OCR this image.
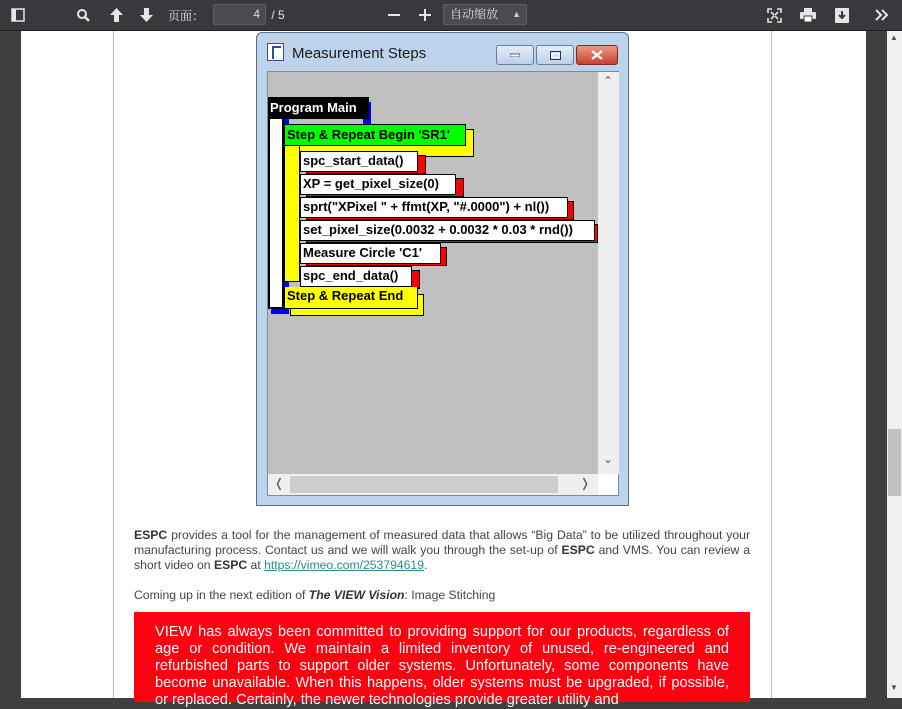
页面：	4 / 5	自动缩放 ▲

Measurement Steps
Program Main
Step & Repeat Begin 'SR1'
spc_start_data()
XP = get_pixel_size(0)
sprt("XPixel " + ffmt(XP, "#.0000") + nl())
set_pixel_size(0.0032 + 0.0032 * 0.03 * rnd())
Measure Circle 'C1'
spc_end_data()
Step & Repeat End
⌃
⌄
❬	❭
ESPC provides a tool for the management of measured data that allows “Big Data” to be utilized throughout your manufacturing process. Contact us and we will walk you through the set-up of ESPC and VMS. You can review a short video on ESPC at https://vimeo.com/253794619.
Coming up in the next edition of The VIEW Vision: Image Stitching
VIEW has always been committed to providing support for our products, regardless of age or condition. We maintain a limited inventory of unused, re-engineered and refurbished parts to support older systems. Unfortunately, some components have become unavailable. When this happens, older systems must be upgraded, if possible, or replaced. Certainly, the newer technologies provide greater utility and
▲
▼
